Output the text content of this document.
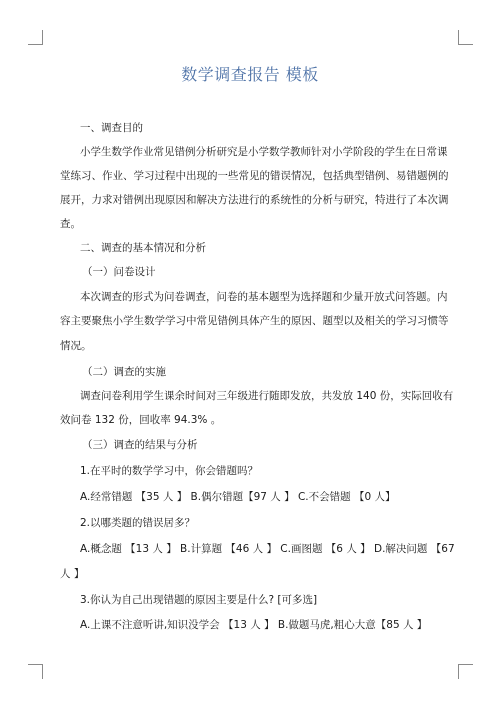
数学调查报告 模板
一、调查目的
小学生数学作业常见错例分析研究是小学数学教师针对小学阶段的学生在日常课
堂练习、作业、学习过程中出现的一些常见的错误情况，包括典型错例、易错题例的
展开，力求对错例出现原因和解决方法进行的系统性的分析与研究，特进行了本次调
查。
二、调查的基本情况和分析
（一）问卷设计
本次调查的形式为问卷调查，问卷的基本题型为选择题和少量开放式问答题。内
容主要聚焦小学生数学学习中常见错例具体产生的原因、题型以及相关的学习习惯等
情况。
（二）调查的实施
调查问卷利用学生课余时间对三年级进行随即发放，共发放 140 份，实际回收有
效问卷 132 份，回收率 94.3% 。
（三）调查的结果与分析
1.在平时的数学学习中，你会错题吗？
A.经常错题 【35 人 】 B.偶尔错题【97 人 】 C.不会错题 【0 人】
2.以哪类题的错误居多？
A.概念题 【13 人 】 B.计算题 【46 人 】 C.画图题 【6 人 】 D.解决问题 【67
人 】
3.你认为自己出现错题的原因主要是什么? [可多选]
A.上课不注意听讲,知识没学会 【13 人 】 B.做题马虎,粗心大意【85 人 】
